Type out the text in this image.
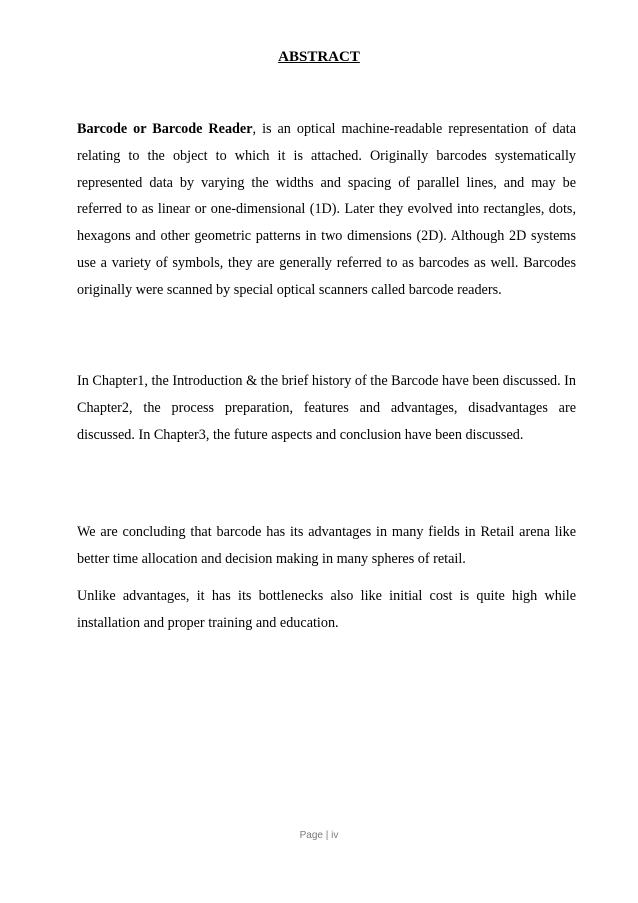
ABSTRACT

Barcode or Barcode Reader, is an optical machine-readable representation of data relating to the object to which it is attached. Originally barcodes systematically represented data by varying the widths and spacing of parallel lines, and may be referred to as linear or one-dimensional (1D). Later they evolved into rectangles, dots, hexagons and other geometric patterns in two dimensions (2D). Although 2D systems use a variety of symbols, they are generally referred to as barcodes as well. Barcodes originally were scanned by special optical scanners called barcode readers.

In Chapter1, the Introduction & the brief history of the Barcode have been discussed. In Chapter2, the process preparation, features and advantages, disadvantages are discussed. In Chapter3, the future aspects and conclusion have been discussed.

We are concluding that barcode has its advantages in many fields in Retail arena like better time allocation and decision making in many spheres of retail.

Unlike advantages, it has its bottlenecks also like initial cost is quite high while installation and proper training and education.

Page | iv
